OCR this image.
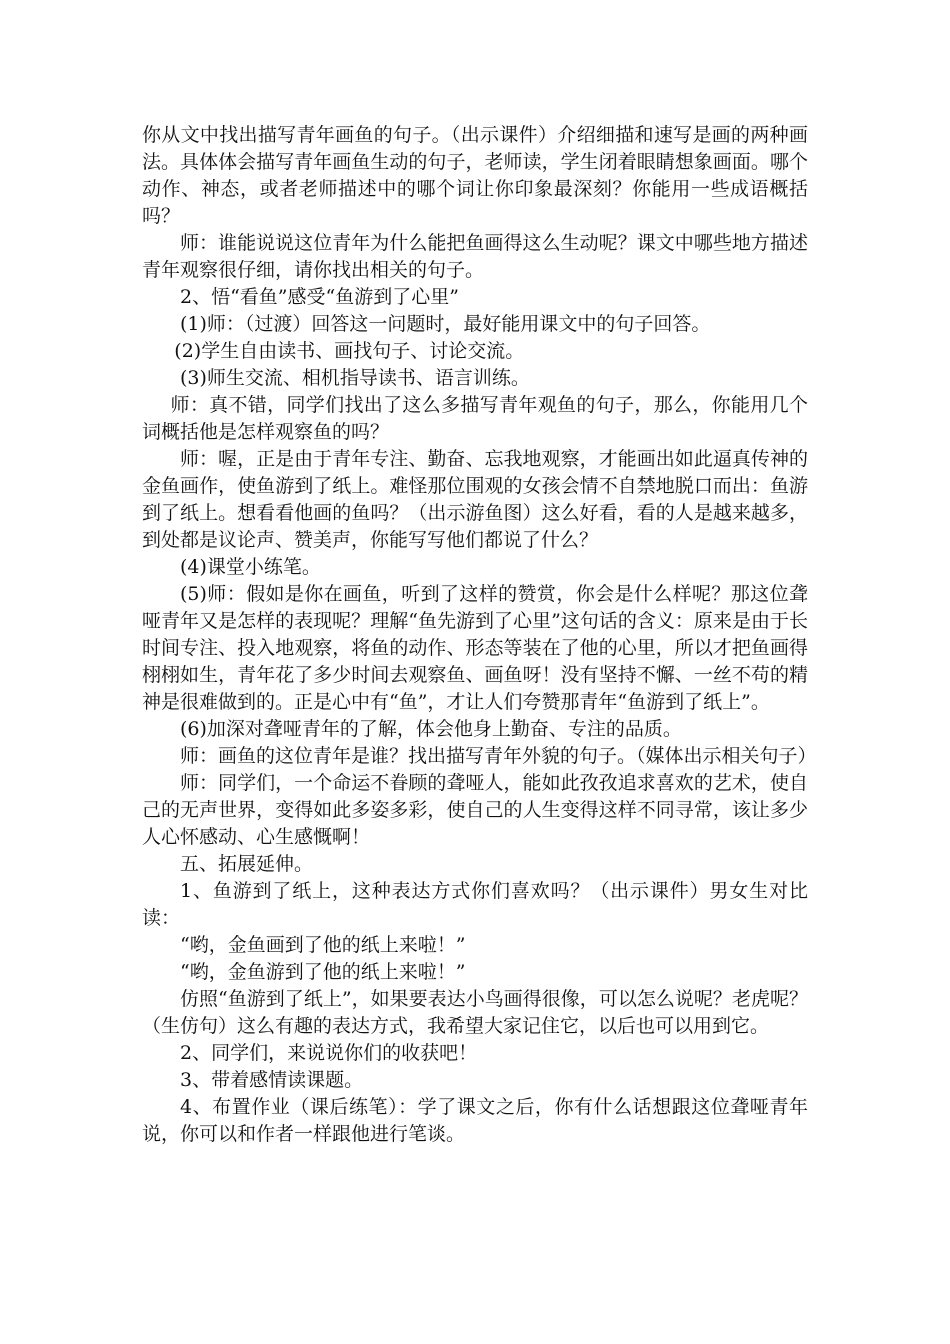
你从文中找出描写青年画鱼的句子。（出示课件）介绍细描和速写是画的两种画法。具体体会描写青年画鱼生动的句子，老师读，学生闭着眼睛想象画面。哪个动作、神态，或者老师描述中的哪个词让你印象最深刻？你能用一些成语概括吗？

师：谁能说说这位青年为什么能把鱼画得这么生动呢？课文中哪些地方描述青年观察很仔细，请你找出相关的句子。

2、悟“看鱼”感受“鱼游到了心里”

(1)师：（过渡）回答这一问题时，最好能用课文中的句子回答。

(2)学生自由读书、画找句子、讨论交流。

(3)师生交流、相机指导读书、语言训练。

师：真不错，同学们找出了这么多描写青年观鱼的句子，那么，你能用几个词概括他是怎样观察鱼的吗？

师：喔，正是由于青年专注、勤奋、忘我地观察，才能画出如此逼真传神的金鱼画作，使鱼游到了纸上。难怪那位围观的女孩会情不自禁地脱口而出：鱼游到了纸上。想看看他画的鱼吗？（出示游鱼图）这么好看，看的人是越来越多，到处都是议论声、赞美声，你能写写他们都说了什么？

(4)课堂小练笔。

(5)师：假如是你在画鱼，听到了这样的赞赏，你会是什么样呢？那这位聋哑青年又是怎样的表现呢？理解“鱼先游到了心里”这句话的含义：原来是由于长时间专注、投入地观察，将鱼的动作、形态等装在了他的心里，所以才把鱼画得栩栩如生，青年花了多少时间去观察鱼、画鱼呀！没有坚持不懈、一丝不苟的精神是很难做到的。正是心中有“鱼”，才让人们夸赞那青年“鱼游到了纸上”。

(6)加深对聋哑青年的了解，体会他身上勤奋、专注的品质。

师：画鱼的这位青年是谁？找出描写青年外貌的句子。（媒体出示相关句子）

师：同学们，一个命运不眷顾的聋哑人，能如此孜孜追求喜欢的艺术，使自己的无声世界，变得如此多姿多彩，使自己的人生变得这样不同寻常，该让多少人心怀感动、心生感慨啊！

五、拓展延伸。

1、鱼游到了纸上，这种表达方式你们喜欢吗？（出示课件）男女生对比读：

“哟，金鱼画到了他的纸上来啦！”

“哟，金鱼游到了他的纸上来啦！”

仿照“鱼游到了纸上”，如果要表达小鸟画得很像，可以怎么说呢？老虎呢？（生仿句）这么有趣的表达方式，我希望大家记住它，以后也可以用到它。

2、同学们，来说说你们的收获吧！

3、带着感情读课题。

4、布置作业（课后练笔）：学了课文之后，你有什么话想跟这位聋哑青年说，你可以和作者一样跟他进行笔谈。
